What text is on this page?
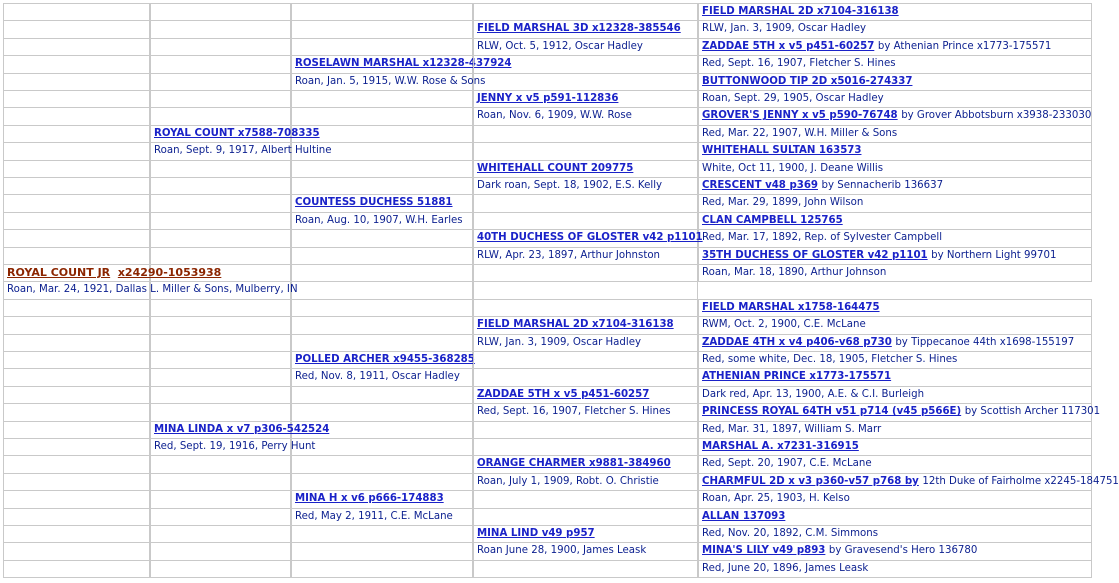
FIELD MARSHAL 2D x7104-316138
RLW, Jan. 3, 1909, Oscar Hadley
ZADDAE 5TH x v5 p451-60257 by Athenian Prince x1773-175571
Red, Sept. 16, 1907, Fletcher S. Hines
BUTTONWOOD TIP 2D x5016-274337
Roan, Sept. 29, 1905, Oscar Hadley
GROVER'S JENNY x v5 p590-76748 by Grover Abbotsburn x3938-233030
Red, Mar. 22, 1907, W.H. Miller & Sons
WHITEHALL SULTAN 163573
White, Oct 11, 1900, J. Deane Willis
CRESCENT v48 p369 by Sennacherib 136637
Red, Mar. 29, 1899, John Wilson
CLAN CAMPBELL 125765
Red, Mar. 17, 1892, Rep. of Sylvester Campbell
35TH DUCHESS OF GLOSTER v42 p1101 by Northern Light 99701
Roan, Mar. 18, 1890, Arthur Johnson
FIELD MARSHAL x1758-164475
RWM, Oct. 2, 1900, C.E. McLane
ZADDAE 4TH x v4 p406-v68 p730 by Tippecanoe 44th x1698-155197
Red, some white, Dec. 18, 1905, Fletcher S. Hines
ATHENIAN PRINCE x1773-175571
Dark red, Apr. 13, 1900, A.E. & C.I. Burleigh
PRINCESS ROYAL 64TH v51 p714 (v45 p566E) by Scottish Archer 117301
Red, Mar. 31, 1897, William S. Marr
MARSHAL A. x7231-316915
Red, Sept. 20, 1907, C.E. McLane
CHARMFUL 2D x v3 p360-v57 p768 by 12th Duke of Fairholme x2245-184751
Roan, Apr. 25, 1903, H. Kelso
ALLAN 137093
Red, Nov. 20, 1892, C.M. Simmons
MINA'S LILY v49 p893 by Gravesend's Hero 136780
Red, June 20, 1896, James Leask
FIELD MARSHAL 3D x12328-385546
RLW, Oct. 5, 1912, Oscar Hadley
JENNY x v5 p591-112836
Roan, Nov. 6, 1909, W.W. Rose
WHITEHALL COUNT 209775
Dark roan, Sept. 18, 1902, E.S. Kelly
40TH DUCHESS OF GLOSTER v42 p1101
RLW, Apr. 23, 1897, Arthur Johnston
FIELD MARSHAL 2D x7104-316138
RLW, Jan. 3, 1909, Oscar Hadley
ZADDAE 5TH x v5 p451-60257
Red, Sept. 16, 1907, Fletcher S. Hines
ORANGE CHARMER x9881-384960
Roan, July 1, 1909, Robt. O. Christie
MINA LIND v49 p957
Roan June 28, 1900, James Leask
ROSELAWN MARSHAL x12328-437924
Roan, Jan. 5, 1915, W.W. Rose & Sons
COUNTESS DUCHESS 51881
Roan, Aug. 10, 1907, W.H. Earles
POLLED ARCHER x9455-368285
Red, Nov. 8, 1911, Oscar Hadley
MINA H x v6 p666-174883
Red, May 2, 1911, C.E. McLane
ROYAL COUNT x7588-708335
Roan, Sept. 9, 1917, Albert Hultine
MINA LINDA x v7 p306-542524
Red, Sept. 19, 1916, Perry Hunt
ROYAL COUNT JR x24290-1053938
Roan, Mar. 24, 1921, Dallas L. Miller & Sons, Mulberry, IN
